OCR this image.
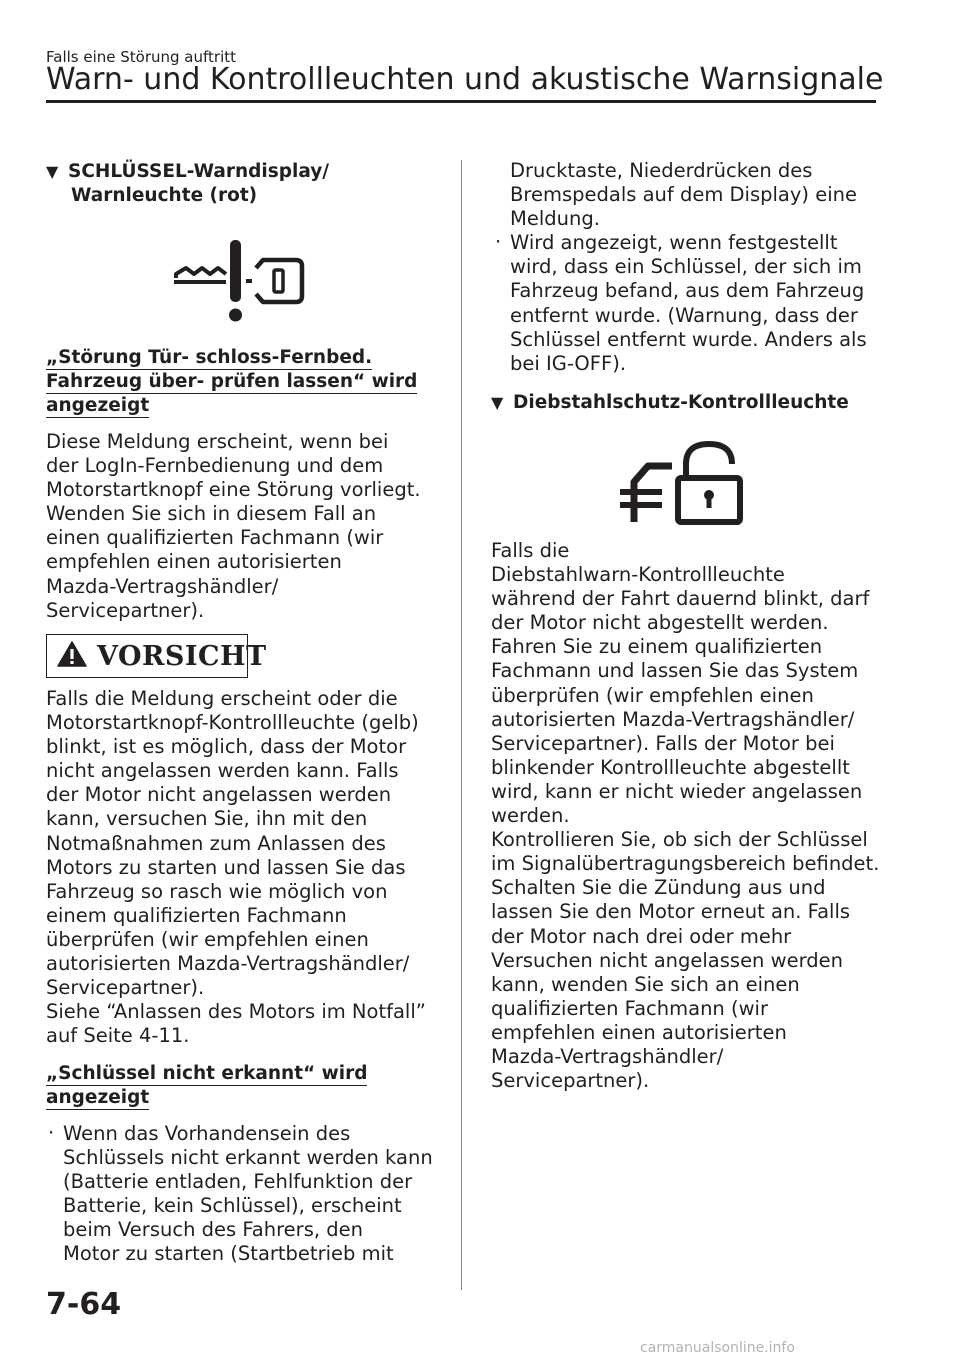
Falls eine Störung auftritt
Warn- und Kontrollleuchten und akustische Warnsignale
▼ SCHLÜSSEL-Warndisplay/
Warnleuchte (rot)
„Störung Tür- schloss-Fernbed.
Fahrzeug über- prüfen lassen“ wird
angezeigt

Diese Meldung erscheint, wenn bei

der LogIn-Fernbedienung und dem

Motorstartknopf eine Störung vorliegt.

Wenden Sie sich in diesem Fall an

einen qualifizierten Fachmann (wir

empfehlen einen autorisierten

Mazda-Vertragshändler/

Servicepartner).

VORSICHT

Falls die Meldung erscheint oder die

Motorstartknopf-Kontrollleuchte (gelb)

blinkt, ist es möglich, dass der Motor

nicht angelassen werden kann. Falls

der Motor nicht angelassen werden

kann, versuchen Sie, ihn mit den

Notmaßnahmen zum Anlassen des

Motors zu starten und lassen Sie das

Fahrzeug so rasch wie möglich von

einem qualifizierten Fachmann

überprüfen (wir empfehlen einen

autorisierten Mazda-Vertragshändler/

Servicepartner).

Siehe “Anlassen des Motors im Notfall”

auf Seite 4-11.

„Schlüssel nicht erkannt“ wird
angezeigt
· Wenn das Vorhandensein des
Schlüssels nicht erkannt werden kann
(Batterie entladen, Fehlfunktion der
Batterie, kein Schlüssel), erscheint
beim Versuch des Fahrers, den
Motor zu starten (Startbetrieb mit
Drucktaste, Niederdrücken des
Bremspedals auf dem Display) eine
Meldung.
· Wird angezeigt, wenn festgestellt
wird, dass ein Schlüssel, der sich im
Fahrzeug befand, aus dem Fahrzeug
entfernt wurde. (Warnung, dass der
Schlüssel entfernt wurde. Anders als
bei IG-OFF).
▼ Diebstahlschutz-Kontrollleuchte

Falls die

Diebstahlwarn-Kontrollleuchte

während der Fahrt dauernd blinkt, darf

der Motor nicht abgestellt werden.

Fahren Sie zu einem qualifizierten

Fachmann und lassen Sie das System

überprüfen (wir empfehlen einen

autorisierten Mazda-Vertragshändler/

Servicepartner). Falls der Motor bei

blinkender Kontrollleuchte abgestellt

wird, kann er nicht wieder angelassen

werden.

Kontrollieren Sie, ob sich der Schlüssel

im Signalübertragungsbereich befindet.

Schalten Sie die Zündung aus und

lassen Sie den Motor erneut an. Falls

der Motor nach drei oder mehr

Versuchen nicht angelassen werden

kann, wenden Sie sich an einen

qualifizierten Fachmann (wir

empfehlen einen autorisierten

Mazda-Vertragshändler/

Servicepartner).

7-64
carmanualsonline.info
